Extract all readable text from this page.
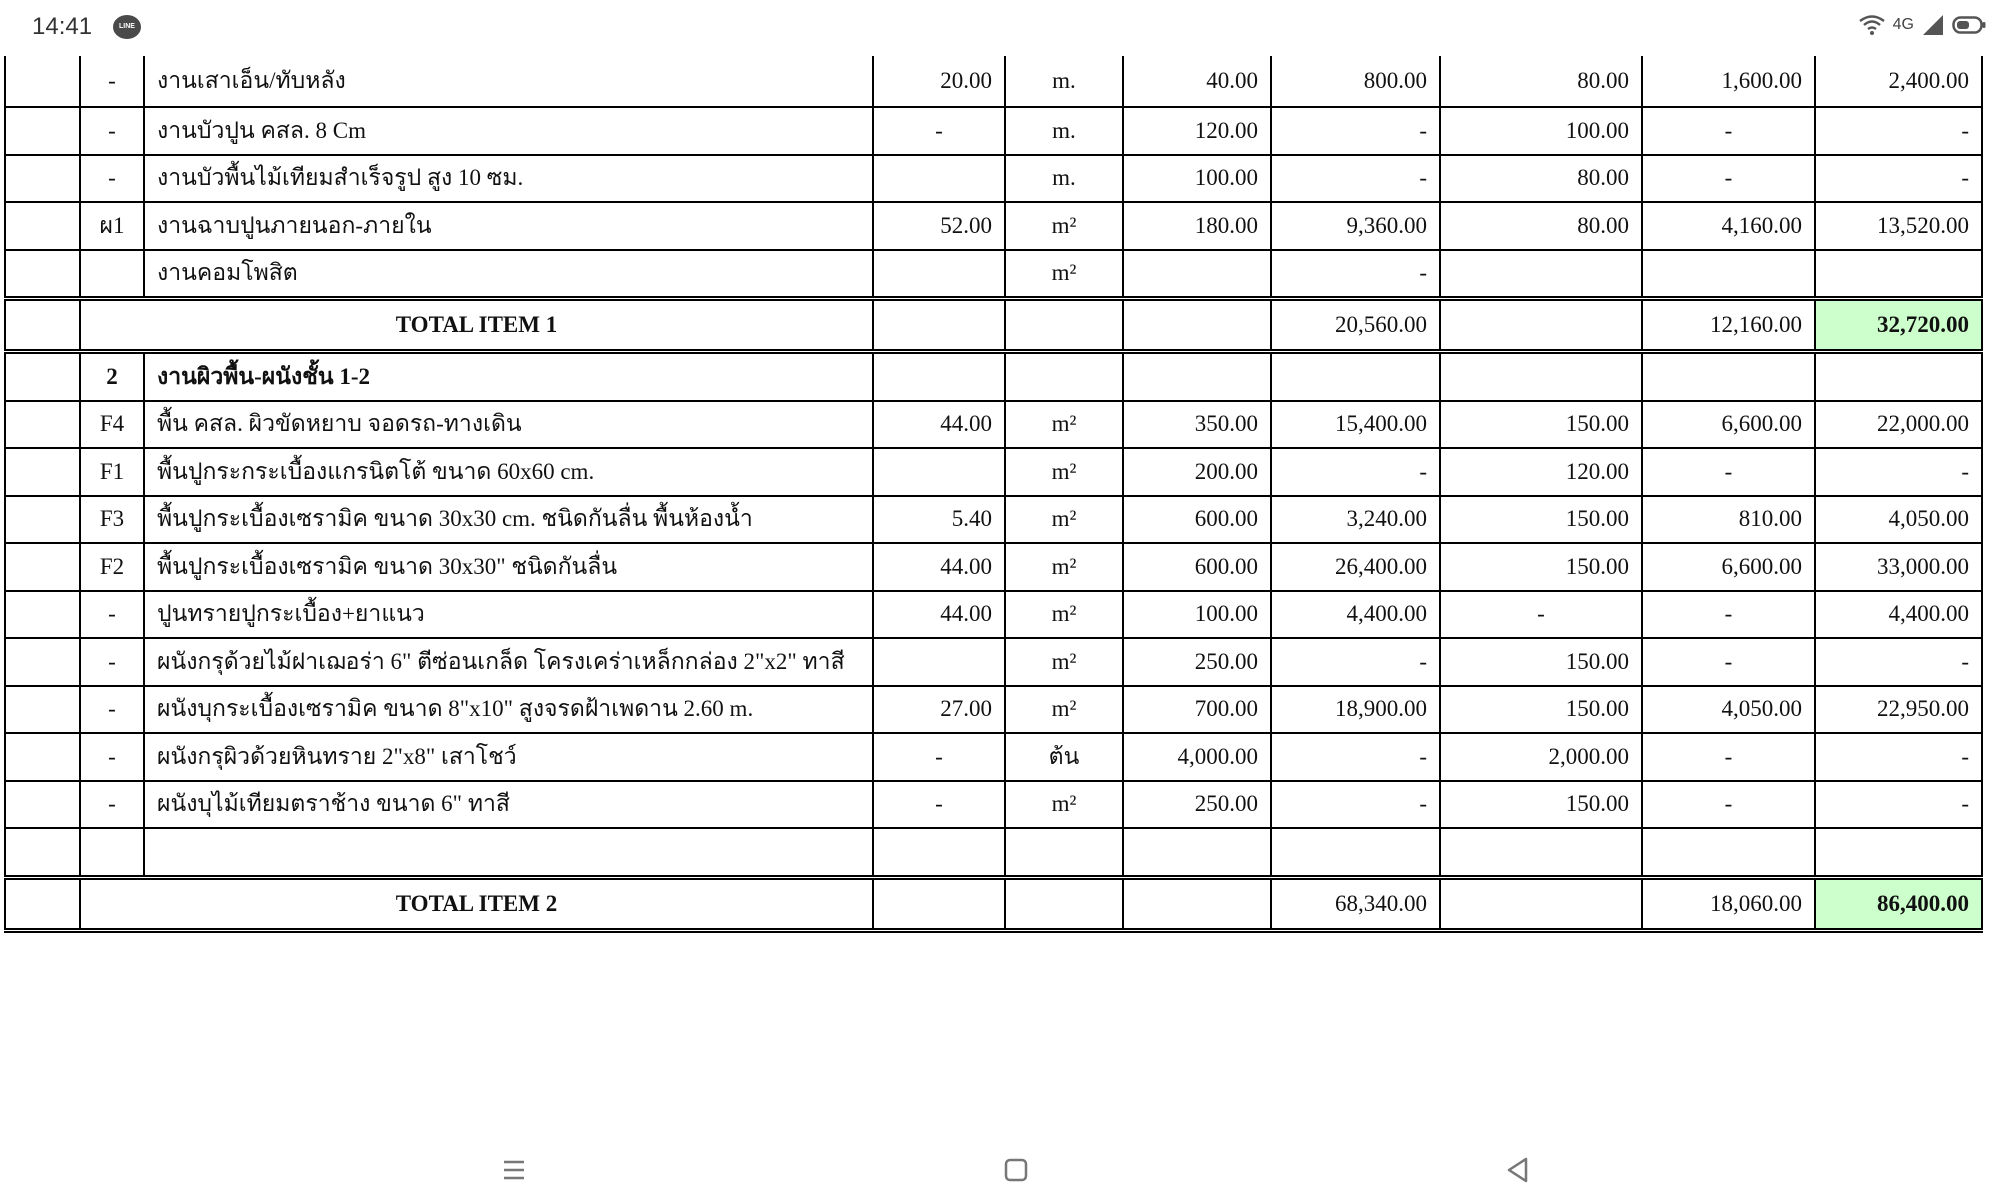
14:41	LINE	4G
	-	งานเสาเอ็น/ทับหลัง	20.00	m.	40.00	800.00	80.00	1,600.00	2,400.00
	-	งานบัวปูน คสล. 8 Cm	-	m.	120.00	-	100.00	-	-
	-	งานบัวพื้นไม้เทียมสำเร็จรูป สูง 10 ซม.		m.	100.00	-	80.00	-	-
	ผ1	งานฉาบปูนภายนอก-ภายใน	52.00	m²	180.00	9,360.00	80.00	4,160.00	13,520.00
		งานคอมโพสิต		m²		-			
	TOTAL ITEM 1					20,560.00		12,160.00	32,720.00
	2	งานผิวพื้น-ผนังชั้น 1-2							
	F4	พื้น คสล. ผิวขัดหยาบ จอดรถ-ทางเดิน	44.00	m²	350.00	15,400.00	150.00	6,600.00	22,000.00
	F1	พื้นปูกระกระเบื้องแกรนิตโต้ ขนาด 60x60 cm.		m²	200.00	-	120.00	-	-
	F3	พื้นปูกระเบื้องเซรามิค ขนาด 30x30 cm. ชนิดกันลื่น พื้นห้องน้ำ	5.40	m²	600.00	3,240.00	150.00	810.00	4,050.00
	F2	พื้นปูกระเบื้องเซรามิค ขนาด 30x30" ชนิดกันลื่น	44.00	m²	600.00	26,400.00	150.00	6,600.00	33,000.00
	-	ปูนทรายปูกระเบื้อง+ยาแนว	44.00	m²	100.00	4,400.00	-	-	4,400.00
	-	ผนังกรุด้วยไม้ฝาเฌอร่า 6" ตีซ่อนเกล็ด โครงเคร่าเหล็กกล่อง 2"x2" ทาสี		m²	250.00	-	150.00	-	-
	-	ผนังบุกระเบื้องเซรามิค ขนาด 8"x10" สูงจรดฝ้าเพดาน 2.60 m.	27.00	m²	700.00	18,900.00	150.00	4,050.00	22,950.00
	-	ผนังกรุผิวด้วยหินทราย 2"x8" เสาโชว์	-	ต้น	4,000.00	-	2,000.00	-	-
	-	ผนังบุไม้เทียมตราช้าง ขนาด 6" ทาสี	-	m²	250.00	-	150.00	-	-

	TOTAL ITEM 2					68,340.00		18,060.00	86,400.00
